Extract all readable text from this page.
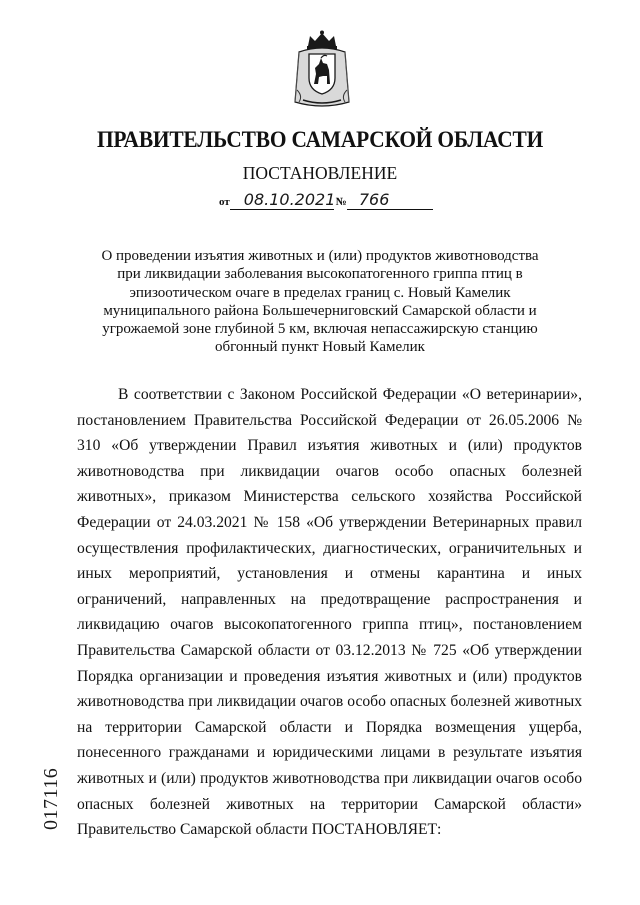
ПРАВИТЕЛЬСТВО САМАРСКОЙ ОБЛАСТИ
ПОСТАНОВЛЕНИЕ
от 08.10.2021№ 766
О проведении изъятия животных и (или) продуктов животноводства при ликвидации заболевания высокопатогенного гриппа птиц в эпизоотическом очаге в пределах границ с. Новый Камелик муниципального района Большечерниговский Самарской области и угрожаемой зоне глубиной 5 км, включая непассажирскую станцию обгонный пункт Новый Камелик

В соответствии с Законом Российской Федерации «О ветеринарии», постановлением Правительства Российской Федерации от 26.05.2006 № 310 «Об утверждении Правил изъятия животных и (или) продуктов животноводства при ликвидации очагов особо опасных болезней животных», приказом Министерства сельского хозяйства Российской Федерации от 24.03.2021 № 158 «Об утверждении Ветеринарных правил осуществления профилактических, диагностических, ограничительных и иных мероприятий, установления и отмены карантина и иных ограничений, направленных на предотвращение распространения и ликвидацию очагов высокопатогенного гриппа птиц», постановлением Правительства Самарской области от 03.12.2013 № 725 «Об утверждении Порядка организации и проведения изъятия животных и (или) продуктов животноводства при ликвидации очагов особо опасных болезней животных на территории Самарской области и Порядка возмещения ущерба, понесенного гражданами и юридическими лицами в результате изъятия животных и (или) продуктов животноводства при ликвидации очагов особо опасных болезней животных на территории Самарской области» Правительство Самарской области ПОСТАНОВЛЯЕТ:

017116
